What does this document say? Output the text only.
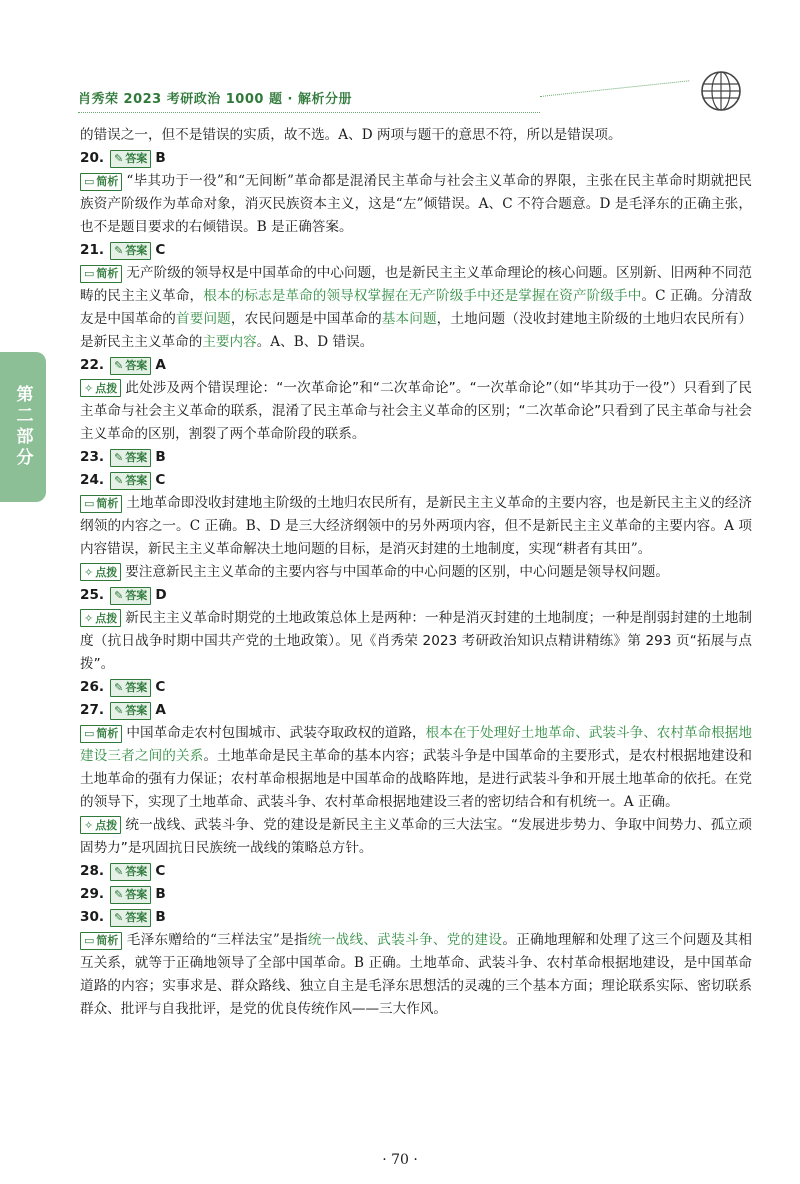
肖秀荣 2023 考研政治 1000 题 · 解析分册
第二部分

的错误之一，但不是错误的实质，故不选。A、D 两项与题干的意思不符，所以是错误项。

20. ✎ 答案 B

▭ 简析 “毕其功于一役”和“无间断”革命都是混淆民主革命与社会主义革命的界限，主张在民主革命时期就把民族资产阶级作为革命对象，消灭民族资本主义，这是“左”倾错误。A、C 不符合题意。D 是毛泽东的正确主张，也不是题目要求的右倾错误。B 是正确答案。

21. ✎ 答案 C

▭ 简析 无产阶级的领导权是中国革命的中心问题，也是新民主主义革命理论的核心问题。区别新、旧两种不同范畴的民主主义革命，根本的标志是革命的领导权掌握在无产阶级手中还是掌握在资产阶级手中。C 正确。分清敌友是中国革命的首要问题，农民问题是中国革命的基本问题，土地问题（没收封建地主阶级的土地归农民所有）是新民主主义革命的主要内容。A、B、D 错误。

22. ✎ 答案 A

✧ 点拨 此处涉及两个错误理论：“一次革命论”和“二次革命论”。“一次革命论”（如“毕其功于一役”）只看到了民主革命与社会主义革命的联系，混淆了民主革命与社会主义革命的区别；“二次革命论”只看到了民主革命与社会主义革命的区别，割裂了两个革命阶段的联系。

23. ✎ 答案 B
24. ✎ 答案 C

▭ 简析 土地革命即没收封建地主阶级的土地归农民所有，是新民主主义革命的主要内容，也是新民主主义的经济纲领的内容之一。C 正确。B、D 是三大经济纲领中的另外两项内容，但不是新民主主义革命的主要内容。A 项内容错误，新民主主义革命解决土地问题的目标，是消灭封建的土地制度，实现“耕者有其田”。

✧ 点拨 要注意新民主主义革命的主要内容与中国革命的中心问题的区别，中心问题是领导权问题。

25. ✎ 答案 D

✧ 点拨 新民主主义革命时期党的土地政策总体上是两种：一种是消灭封建的土地制度；一种是削弱封建的土地制度（抗日战争时期中国共产党的土地政策）。见《肖秀荣 2023 考研政治知识点精讲精练》第 293 页“拓展与点拨”。

26. ✎ 答案 C
27. ✎ 答案 A

▭ 简析 中国革命走农村包围城市、武装夺取政权的道路，根本在于处理好土地革命、武装斗争、农村革命根据地建设三者之间的关系。土地革命是民主革命的基本内容；武装斗争是中国革命的主要形式，是农村根据地建设和土地革命的强有力保证；农村革命根据地是中国革命的战略阵地，是进行武装斗争和开展土地革命的依托。在党的领导下，实现了土地革命、武装斗争、农村革命根据地建设三者的密切结合和有机统一。A 正确。

✧ 点拨 统一战线、武装斗争、党的建设是新民主主义革命的三大法宝。“发展进步势力、争取中间势力、孤立顽固势力”是巩固抗日民族统一战线的策略总方针。

28. ✎ 答案 C
29. ✎ 答案 B
30. ✎ 答案 B

▭ 简析 毛泽东赠给的“三样法宝”是指统一战线、武装斗争、党的建设。正确地理解和处理了这三个问题及其相互关系，就等于正确地领导了全部中国革命。B 正确。土地革命、武装斗争、农村革命根据地建设，是中国革命道路的内容；实事求是、群众路线、独立自主是毛泽东思想活的灵魂的三个基本方面；理论联系实际、密切联系群众、批评与自我批评，是党的优良传统作风——三大作风。

· 70 ·
